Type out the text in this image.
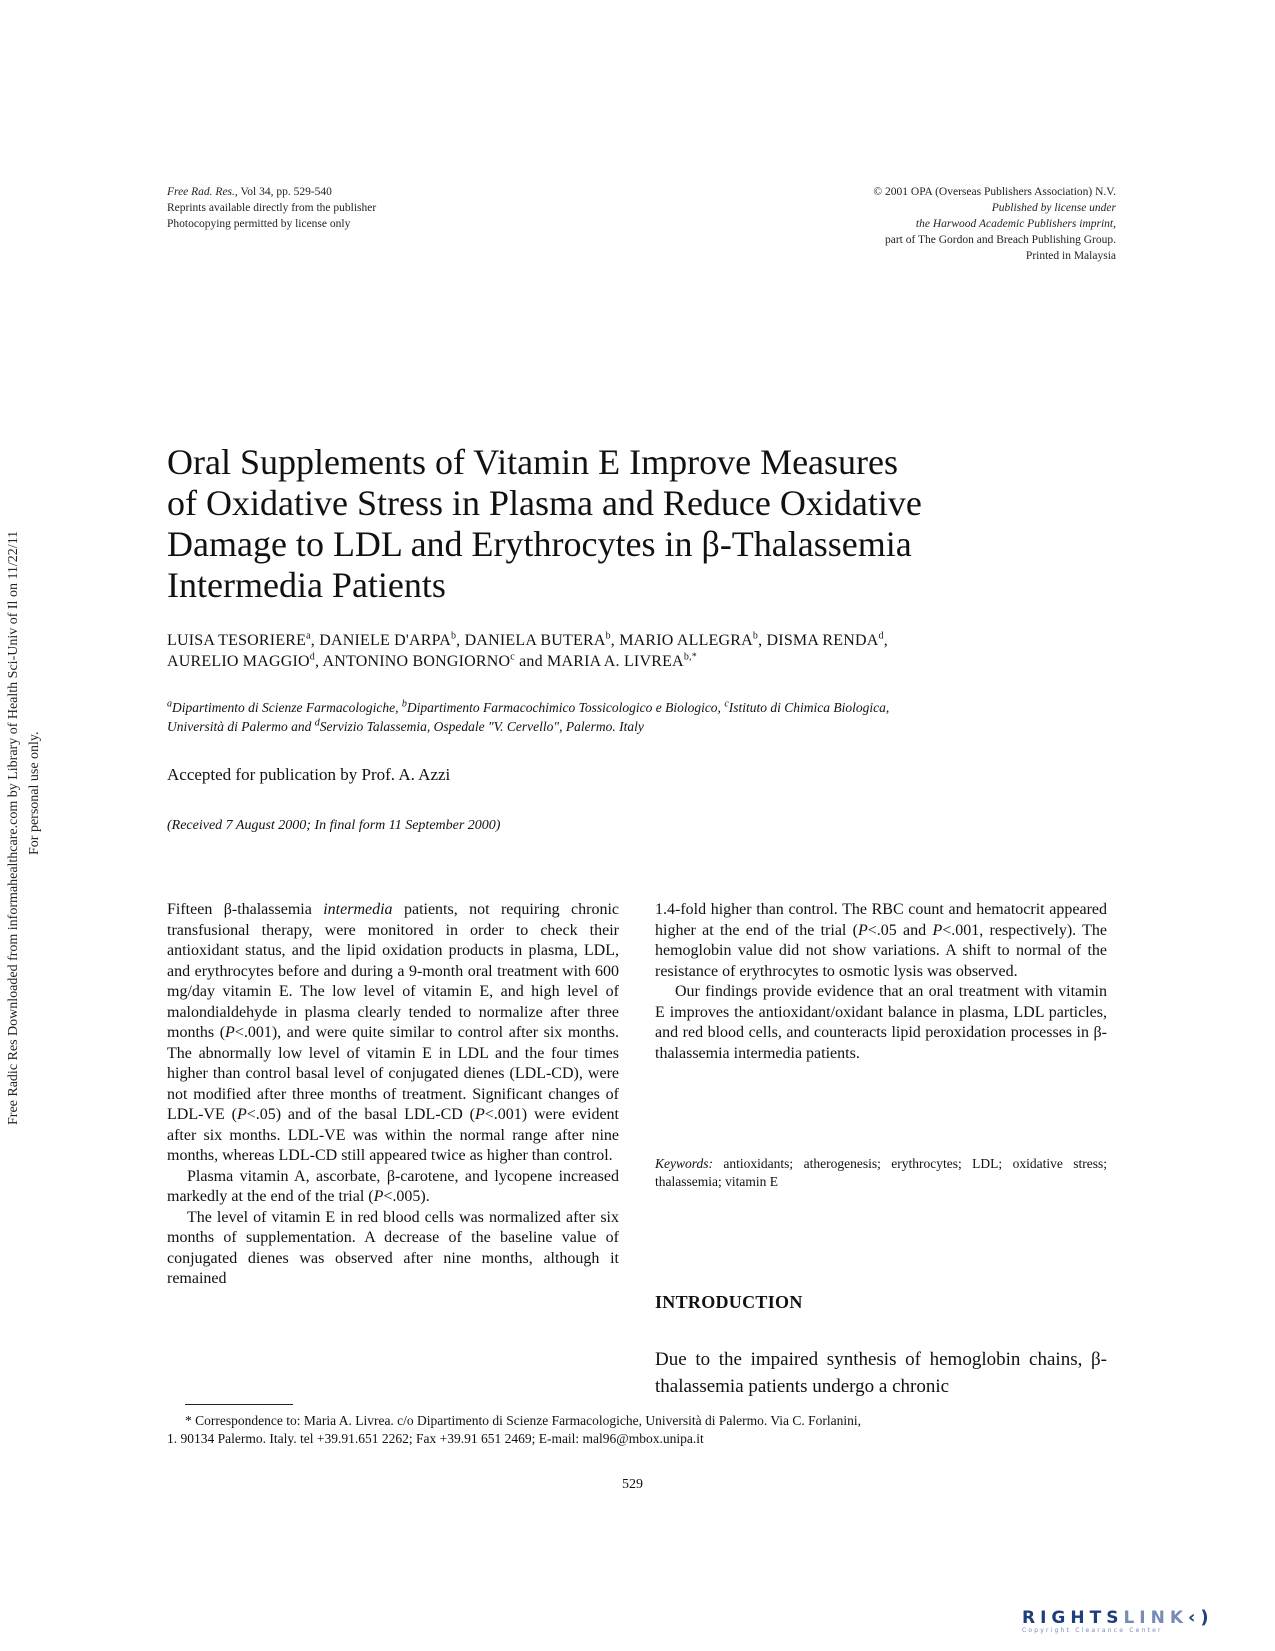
Free Rad. Res., Vol 34, pp. 529-540
Reprints available directly from the publisher
Photocopying permitted by license only
© 2001 OPA (Overseas Publishers Association) N.V.
Published by license under
the Harwood Academic Publishers imprint,
part of The Gordon and Breach Publishing Group.
Printed in Malaysia
Free Radic Res Downloaded from informahealthcare.com by Library of Health Sci-Univ of Il on 11/22/11 For personal use only.
Oral Supplements of Vitamin E Improve Measures
of Oxidative Stress in Plasma and Reduce Oxidative
Damage to LDL and Erythrocytes in β-Thalassemia
Intermedia Patients
LUISA TESORIERE$^a$, DANIELE D'ARPA$^b$, DANIELA BUTERA$^b$, MARIO ALLEGRA$^b$, DISMA RENDA$^d$,
AURELIO MAGGIO$^d$, ANTONINO BONGIORNO$^c$ and MARIA A. $LIVREA^{b,*}$
$^a$Dipartimento di Scienze Farmacologiche, $^b$Dipartimento Farmacochimico Tossicologico e Biologico, $^c$Istituto di Chimica Biologica,
Università di Palermo and $^d$Servizio Talassemia, Ospedale "V. Cervello", Palermo. Italy
Accepted for publication by Prof. A. Azzi
(Received 7 August 2000; In final form 11 September 2000)

Fifteen β-thalassemia intermedia patients, not requiring chronic transfusional therapy, were monitored in order to check their antioxidant status, and the lipid oxidation products in plasma, LDL, and erythrocytes before and during a 9-month oral treatment with 600 mg/day vitamin E. The low level of vitamin E, and high level of malondialdehyde in plasma clearly tended to normalize after three months (P<.001), and were quite similar to control after six months. The abnormally low level of vitamin E in LDL and the four times higher than control basal level of conjugated dienes (LDL-CD), were not modified after three months of treatment. Significant changes of LDL-VE (P<.05) and of the basal LDL-CD (P<.001) were evident after six months. LDL-VE was within the normal range after nine months, whereas LDL-CD still appeared twice as higher than control.

Plasma vitamin A, ascorbate, β-carotene, and lycopene increased markedly at the end of the trial (P<.005).

The level of vitamin E in red blood cells was normalized after six months of supplementation. A decrease of the baseline value of conjugated dienes was observed after nine months, although it remained

1.4-fold higher than control. The RBC count and hematocrit appeared higher at the end of the trial (P<.05 and P<.001, respectively). The hemoglobin value did not show variations. A shift to normal of the resistance of erythrocytes to osmotic lysis was observed.

Our findings provide evidence that an oral treatment with vitamin E improves the antioxidant/oxidant balance in plasma, LDL particles, and red blood cells, and counteracts lipid peroxidation processes in β-thalassemia intermedia patients.

Keywords: antioxidants; atherogenesis; erythrocytes; LDL; oxidative stress; thalassemia; vitamin E
INTRODUCTION
Due to the impaired synthesis of hemoglobin chains, β-thalassemia patients undergo a chronic
* Correspondence to: Maria A. Livrea. c/o Dipartimento di Scienze Farmacologiche, Università di Palermo. Via C. Forlanini,
1. 90134 Palermo. Italy. tel +39.91.651 2262; Fax +39.91 651 2469; E-mail: mal96@mbox.unipa.it
529
RIGHTSLINK‹)
Copyright Clearance Center
